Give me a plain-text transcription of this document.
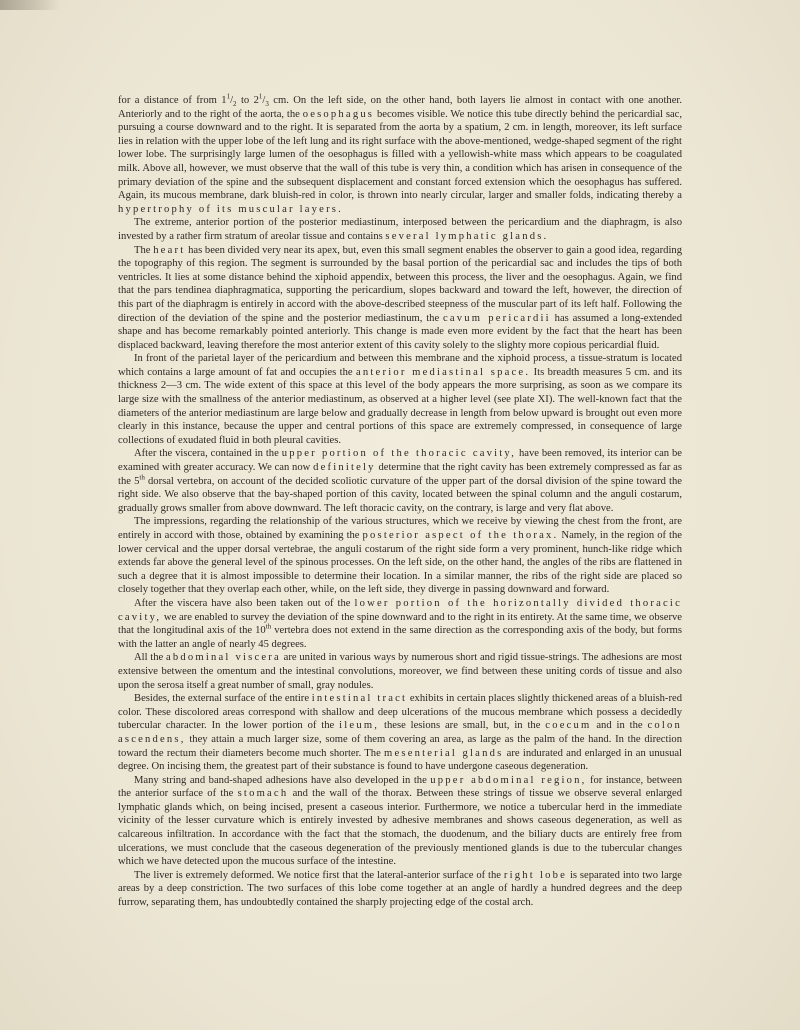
for a distance of from $1^1/_2$ to $2^1/_3$ cm. On the left side, on the other hand, both layers lie almost in contact with one another. Anteriorly and to the right of the aorta, the oesophagus becomes visible. We notice this tube directly behind the pericardial sac, pursuing a course downward and to the right. It is separated from the aorta by a spatium, 2 cm. in length, moreover, its left surface lies in relation with the upper lobe of the left lung and its right surface with the above-mentioned, wedge-shaped segment of the right lower lobe. The surprisingly large lumen of the oesophagus is filled with a yellowish-white mass which appears to be coagulated milk. Above all, however, we must observe that the wall of this tube is very thin, a condition which has arisen in consequence of the primary deviation of the spine and the subsequent displacement and constant forced extension which the oesophagus has suffered. Again, its mucous membrane, dark bluish-red in color, is thrown into nearly circular, larger and smaller folds, indicating thereby a hypertrophy of its muscular layers.

The extreme, anterior portion of the posterior mediastinum, interposed between the pericardium and the diaphragm, is also invested by a rather firm stratum of areolar tissue and contains several lymphatic glands.

The heart has been divided very near its apex, but, even this small segment enables the observer to gain a good idea, regarding the topography of this region. The segment is surrounded by the basal portion of the pericardial sac and includes the tips of both ventricles. It lies at some distance behind the xiphoid appendix, between this process, the liver and the oesophagus. Again, we find that the pars tendinea diaphragmatica, supporting the pericardium, slopes backward and toward the left, however, the direction of this part of the diaphragm is entirely in accord with the above-described steepness of the muscular part of its left half. Following the direction of the deviation of the spine and the posterior mediastinum, the cavum pericardii has assumed a long-extended shape and has become remarkably pointed anteriorly. This change is made even more evident by the fact that the heart has been displaced backward, leaving therefore the most anterior extent of this cavity solely to the slighty more copious pericardial fluid.

In front of the parietal layer of the pericardium and between this membrane and the xiphoid process, a tissue-stratum is located which contains a large amount of fat and occupies the anterior mediastinal space. Its breadth measures 5 cm. and its thickness 2—3 cm. The wide extent of this space at this level of the body appears the more surprising, as soon as we compare its large size with the smallness of the anterior mediastinum, as observed at a higher level (see plate XI). The well-known fact that the diameters of the anterior mediastinum are large below and gradually decrease in length from below upward is brought out even more clearly in this instance, because the upper and central portions of this space are extremely compressed, in consequence of large collections of exudated fluid in both pleural cavities.

After the viscera, contained in the upper portion of the thoracic cavity, have been removed, its interior can be examined with greater accuracy. We can now definitely determine that the right cavity has been extremely compressed as far as the 5th dorsal vertebra, on account of the decided scoliotic curvature of the upper part of the dorsal division of the spine toward the right side. We also observe that the bay-shaped portion of this cavity, located between the spinal column and the anguli costarum, gradually grows smaller from above downward. The left thoracic cavity, on the contrary, is large and very flat above.

The impressions, regarding the relationship of the various structures, which we receive by viewing the chest from the front, are entirely in accord with those, obtained by examining the posterior aspect of the thorax. Namely, in the region of the lower cervical and the upper dorsal vertebrae, the anguli costarum of the right side form a very prominent, hunch-like ridge which extends far above the general level of the spinous processes. On the left side, on the other hand, the angles of the ribs are flattened in such a degree that it is almost impossible to determine their location. In a similar manner, the ribs of the right side are placed so closely together that they overlap each other, while, on the left side, they diverge in passing downward and forward.

After the viscera have also been taken out of the lower portion of the horizontally divided thoracic cavity, we are enabled to survey the deviation of the spine downward and to the right in its entirety. At the same time, we observe that the longitudinal axis of the 10th vertebra does not extend in the same direction as the corresponding axis of the body, but forms with the latter an angle of nearly 45 degrees.

All the abdominal viscera are united in various ways by numerous short and rigid tissue-strings. The adhesions are most extensive between the omentum and the intestinal convolutions, moreover, we find between these uniting cords of tissue and also upon the serosa itself a great number of small, gray nodules.

Besides, the external surface of the entire intestinal tract exhibits in certain places slightly thickened areas of a bluish-red color. These discolored areas correspond with shallow and deep ulcerations of the mucous membrane which possess a decidedly tubercular character. In the lower portion of the ileum, these lesions are small, but, in the coecum and in the colon ascendens, they attain a much larger size, some of them covering an area, as large as the palm of the hand. In the direction toward the rectum their diameters become much shorter. The mesenterial glands are indurated and enlarged in an unusual degree. On incising them, the greatest part of their substance is found to have undergone caseous degeneration.

Many string and band-shaped adhesions have also developed in the upper abdominal region, for instance, between the anterior surface of the stomach and the wall of the thorax. Between these strings of tissue we observe several enlarged lymphatic glands which, on being incised, present a caseous interior. Furthermore, we notice a tubercular herd in the immediate vicinity of the lesser curvature which is entirely invested by adhesive membranes and shows caseous degeneration, as well as calcareous infiltration. In accordance with the fact that the stomach, the duodenum, and the biliary ducts are entirely free from ulcerations, we must conclude that the caseous degeneration of the previously mentioned glands is due to the tubercular changes which we have detected upon the mucous surface of the intestine.

The liver is extremely deformed. We notice first that the lateral-anterior surface of the right lobe is separated into two large areas by a deep constriction. The two surfaces of this lobe come together at an angle of hardly a hundred degrees and the deep furrow, separating them, has undoubtedly contained the sharply projecting edge of the costal arch.
